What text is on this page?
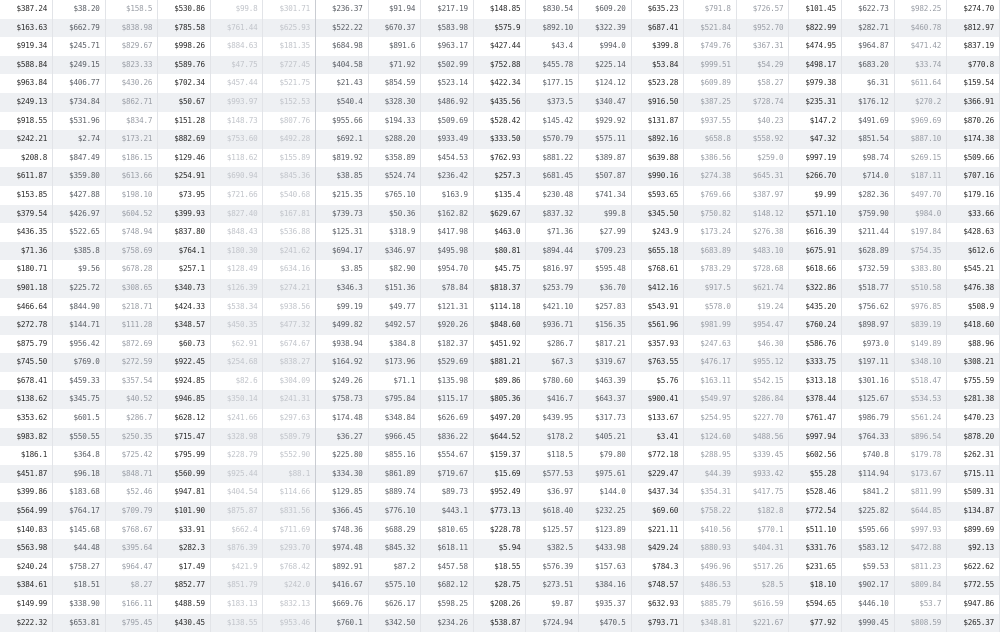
$387.24	$38.20	$158.5	$530.86	$99.8	$301.71	$236.37	$91.94	$217.19	$148.85	$830.54	$609.20	$635.23	$791.8	$726.57	$101.45	$622.73	$982.25	$274.70
$163.63	$662.79	$838.98	$785.58	$761.44	$625.93	$522.22	$670.37	$583.98	$575.9	$892.10	$322.39	$687.41	$521.84	$952.70	$822.99	$282.71	$460.78	$812.97
$919.34	$245.71	$829.67	$998.26	$884.63	$181.35	$684.98	$891.6	$963.17	$427.44	$43.4	$994.0	$399.8	$749.76	$367.31	$474.95	$964.87	$471.42	$837.19
$588.84	$249.15	$823.33	$589.76	$47.75	$727.45	$404.58	$71.92	$502.99	$752.88	$455.78	$225.14	$53.84	$999.51	$54.29	$498.17	$683.20	$33.74	$770.8
$963.84	$406.77	$430.26	$702.34	$457.44	$521.75	$21.43	$854.59	$523.14	$422.34	$177.15	$124.12	$523.28	$609.89	$58.27	$979.38	$6.31	$611.64	$159.54
$249.13	$734.84	$862.71	$50.67	$993.97	$152.53	$540.4	$328.30	$486.92	$435.56	$373.5	$340.47	$916.50	$387.25	$728.74	$235.31	$176.12	$270.2	$366.91
$918.55	$531.96	$834.7	$151.28	$148.73	$807.76	$955.66	$194.33	$509.69	$528.42	$145.42	$929.92	$131.87	$937.55	$40.23	$147.2	$491.69	$969.69	$870.26
$242.21	$2.74	$173.21	$882.69	$753.60	$492.28	$692.1	$288.20	$933.49	$333.50	$570.79	$575.11	$892.16	$658.8	$558.92	$47.32	$851.54	$887.10	$174.38
$208.8	$847.49	$186.15	$129.46	$118.62	$155.89	$819.92	$358.89	$454.53	$762.93	$881.22	$389.87	$639.88	$386.56	$259.0	$997.19	$98.74	$269.15	$509.66
$611.87	$359.80	$613.66	$254.91	$690.94	$845.36	$38.85	$524.74	$236.42	$257.3	$681.45	$507.87	$990.16	$274.38	$645.31	$266.70	$714.0	$187.11	$707.16
$153.85	$427.88	$198.10	$73.95	$721.66	$540.68	$215.35	$765.10	$163.9	$135.4	$230.48	$741.34	$593.65	$769.66	$387.97	$9.99	$282.36	$497.70	$179.16
$379.54	$426.97	$604.52	$399.93	$827.40	$167.81	$739.73	$50.36	$162.82	$629.67	$837.32	$99.8	$345.50	$750.82	$148.12	$571.10	$759.90	$984.0	$33.66
$436.35	$522.65	$748.94	$837.80	$848.43	$536.88	$125.31	$318.9	$417.98	$463.0	$71.36	$27.99	$243.9	$173.24	$276.38	$616.39	$211.44	$197.84	$428.63
$71.36	$385.8	$758.69	$764.1	$180.30	$241.62	$694.17	$346.97	$495.98	$80.81	$894.44	$709.23	$655.18	$683.89	$483.10	$675.91	$628.89	$754.35	$612.6
$180.71	$9.56	$678.28	$257.1	$128.49	$634.16	$3.85	$82.90	$954.70	$45.75	$816.97	$595.48	$768.61	$783.29	$728.68	$618.66	$732.59	$383.80	$545.21
$901.18	$225.72	$308.65	$340.73	$126.39	$274.21	$346.3	$151.36	$78.84	$818.37	$253.79	$36.70	$412.16	$917.5	$621.74	$322.86	$518.77	$510.58	$476.38
$466.64	$844.90	$218.71	$424.33	$538.34	$938.56	$99.19	$49.77	$121.31	$114.18	$421.10	$257.83	$543.91	$578.0	$19.24	$435.20	$756.62	$976.85	$508.9
$272.78	$144.71	$111.28	$348.57	$450.35	$477.32	$499.82	$492.57	$920.26	$848.60	$936.71	$156.35	$561.96	$981.99	$954.47	$760.24	$898.97	$839.19	$418.60
$875.79	$956.42	$872.69	$60.73	$62.91	$674.67	$938.94	$384.8	$182.37	$451.92	$286.7	$817.21	$357.93	$247.63	$46.30	$586.76	$973.0	$149.89	$88.96
$745.50	$769.0	$272.59	$922.45	$254.68	$838.27	$164.92	$173.96	$529.69	$881.21	$67.3	$319.67	$763.55	$476.17	$955.12	$333.75	$197.11	$348.10	$308.21
$678.41	$459.33	$357.54	$924.85	$82.6	$304.09	$249.26	$71.1	$135.98	$89.86	$780.60	$463.39	$5.76	$163.11	$542.15	$313.18	$301.16	$518.47	$755.59
$138.62	$345.75	$40.52	$946.85	$350.14	$241.31	$758.73	$795.84	$115.17	$805.36	$416.7	$643.37	$900.41	$549.97	$286.84	$378.44	$125.67	$534.53	$281.38
$353.62	$601.5	$286.7	$628.12	$241.66	$297.63	$174.48	$348.84	$626.69	$497.20	$439.95	$317.73	$133.67	$254.95	$227.70	$761.47	$986.79	$561.24	$470.23
$983.82	$550.55	$250.35	$715.47	$328.98	$589.79	$36.27	$966.45	$836.22	$644.52	$178.2	$405.21	$3.41	$124.60	$488.56	$997.94	$764.33	$896.54	$878.20
$186.1	$364.8	$725.42	$795.99	$228.79	$552.90	$225.80	$855.16	$554.67	$159.37	$118.5	$79.80	$772.18	$288.95	$339.45	$602.56	$740.8	$179.78	$262.31
$451.87	$96.18	$848.71	$560.99	$925.44	$88.1	$334.30	$861.89	$719.67	$15.69	$577.53	$975.61	$229.47	$44.39	$933.42	$55.28	$114.94	$173.67	$715.11
$399.86	$183.68	$52.46	$947.81	$404.54	$114.66	$129.85	$889.74	$89.73	$952.49	$36.97	$144.0	$437.34	$354.31	$417.75	$528.46	$841.2	$811.99	$509.31
$564.99	$764.17	$709.79	$101.90	$875.87	$831.56	$366.45	$776.10	$443.1	$773.13	$618.40	$232.25	$69.60	$758.22	$182.8	$772.54	$225.82	$644.85	$134.87
$140.83	$145.68	$768.67	$33.91	$662.4	$711.69	$748.36	$688.29	$810.65	$228.78	$125.57	$123.89	$221.11	$410.56	$770.1	$511.10	$595.66	$997.93	$899.69
$563.98	$44.48	$395.64	$282.3	$876.39	$293.70	$974.48	$845.32	$618.11	$5.94	$382.5	$433.98	$429.24	$880.93	$404.31	$331.76	$583.12	$472.88	$92.13
$240.24	$758.27	$964.47	$17.49	$421.9	$768.42	$892.91	$87.2	$457.58	$18.55	$576.39	$157.63	$784.3	$496.96	$517.26	$231.65	$59.53	$811.23	$622.62
$384.61	$18.51	$8.27	$852.77	$851.79	$242.0	$416.67	$575.10	$682.12	$28.75	$273.51	$384.16	$748.57	$486.53	$28.5	$18.10	$902.17	$809.84	$772.55
$149.99	$338.90	$166.11	$488.59	$183.13	$832.13	$669.76	$626.17	$598.25	$208.26	$9.87	$935.37	$632.93	$885.79	$616.59	$594.65	$446.10	$53.7	$947.86
$222.32	$653.81	$795.45	$430.45	$138.55	$953.46	$760.1	$342.50	$234.26	$538.87	$724.94	$470.5	$793.71	$348.81	$221.67	$77.92	$990.45	$808.59	$265.37
